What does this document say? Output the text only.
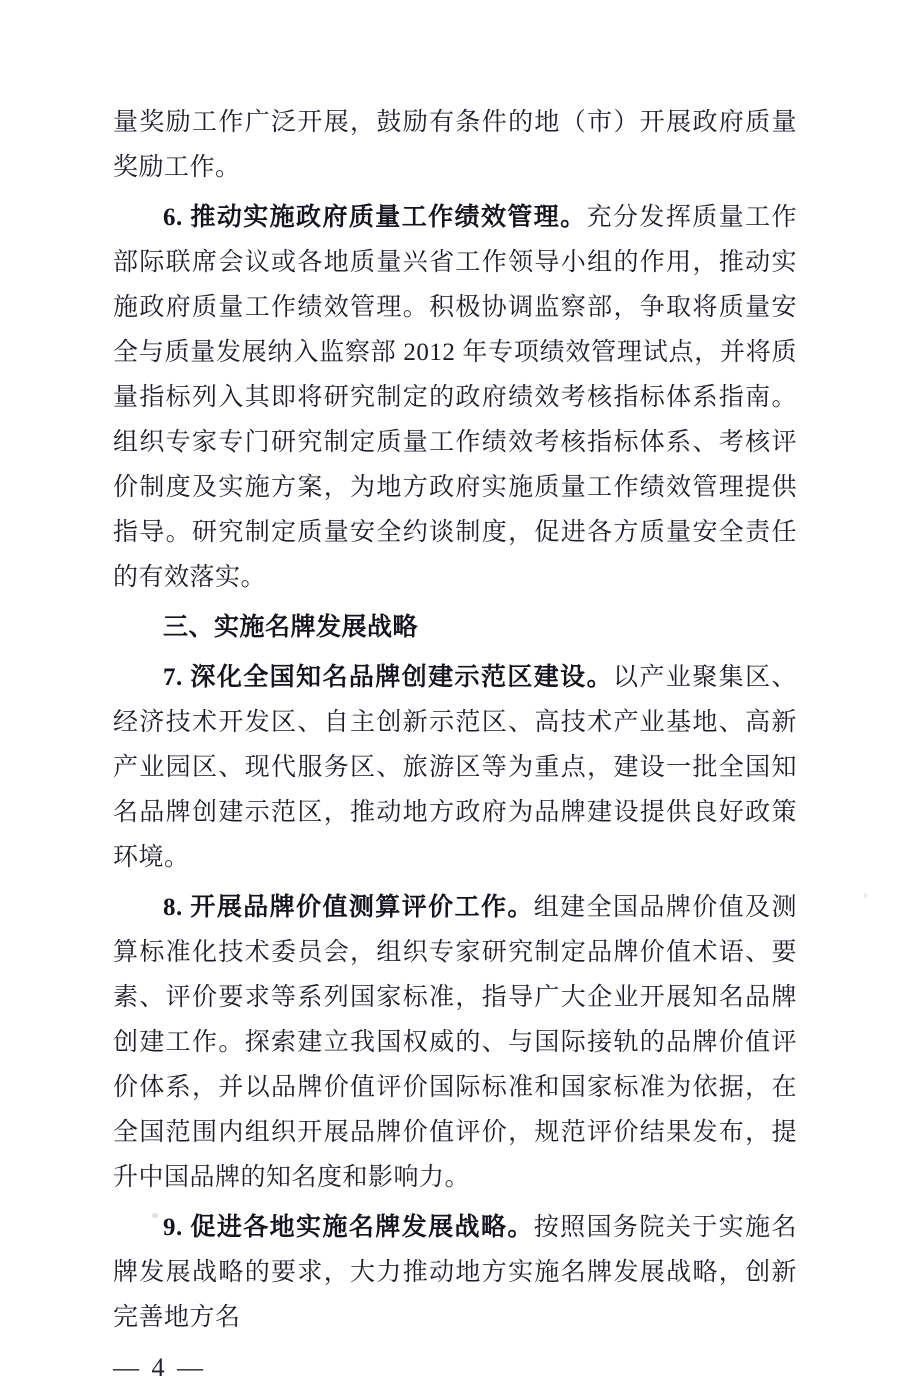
量奖励工作广泛开展，鼓励有条件的地（市）开展政府质量奖励工作。

6. 推动实施政府质量工作绩效管理。充分发挥质量工作部际联席会议或各地质量兴省工作领导小组的作用，推动实施政府质量工作绩效管理。积极协调监察部，争取将质量安全与质量发展纳入监察部 2012 年专项绩效管理试点，并将质量指标列入其即将研究制定的政府绩效考核指标体系指南。组织专家专门研究制定质量工作绩效考核指标体系、考核评价制度及实施方案，为地方政府实施质量工作绩效管理提供指导。研究制定质量安全约谈制度，促进各方质量安全责任的有效落实。

三、实施名牌发展战略

7. 深化全国知名品牌创建示范区建设。以产业聚集区、经济技术开发区、自主创新示范区、高技术产业基地、高新产业园区、现代服务区、旅游区等为重点，建设一批全国知名品牌创建示范区，推动地方政府为品牌建设提供良好政策环境。

8. 开展品牌价值测算评价工作。组建全国品牌价值及测算标准化技术委员会，组织专家研究制定品牌价值术语、要素、评价要求等系列国家标准，指导广大企业开展知名品牌创建工作。探索建立我国权威的、与国际接轨的品牌价值评价体系，并以品牌价值评价国际标准和国家标准为依据，在全国范围内组织开展品牌价值评价，规范评价结果发布，提升中国品牌的知名度和影响力。

9. 促进各地实施名牌发展战略。按照国务院关于实施名牌发展战略的要求，大力推动地方实施名牌发展战略，创新完善地方名

— 4 —
